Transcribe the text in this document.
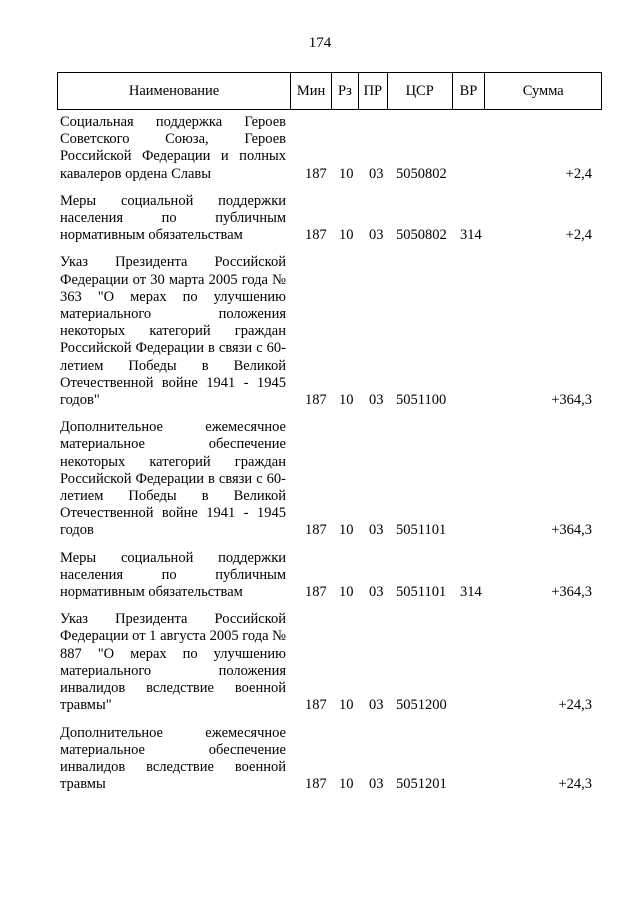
174
Наименование	Мин Рз ПР	ЦСР	ВР	Сумма
Социальная поддержка Героев Советского Союза, Героев Российской Федерации и полных кавалеров ордена Славы	187 10 03 5050802	+2,4
Меры социальной поддержки населения по публичным нормативным обязательствам	187 10 03 5050802 314	+2,4
Указ Президента Российской Федерации от 30 марта 2005 года № 363 "О мерах по улучшению материального положения некоторых категорий граждан Российской Федерации в связи с 60-летием Победы в Великой Отечественной войне 1941 - 1945 годов"	187 10 03 5051100	+364,3
Дополнительное ежемесячное материальное обеспечение некоторых категорий граждан Российской Федерации в связи с 60-летием Победы в Великой Отечественной войне 1941 - 1945 годов	187 10 03 5051101	+364,3
Меры социальной поддержки населения по публичным нормативным обязательствам	187 10 03 5051101 314	+364,3
Указ Президента Российской Федерации от 1 августа 2005 года № 887 "О мерах по улучшению материального положения инвалидов вследствие военной травмы"	187 10 03 5051200	+24,3
Дополнительное ежемесячное материальное обеспечение инвалидов вследствие военной травмы	187 10 03 5051201	+24,3
